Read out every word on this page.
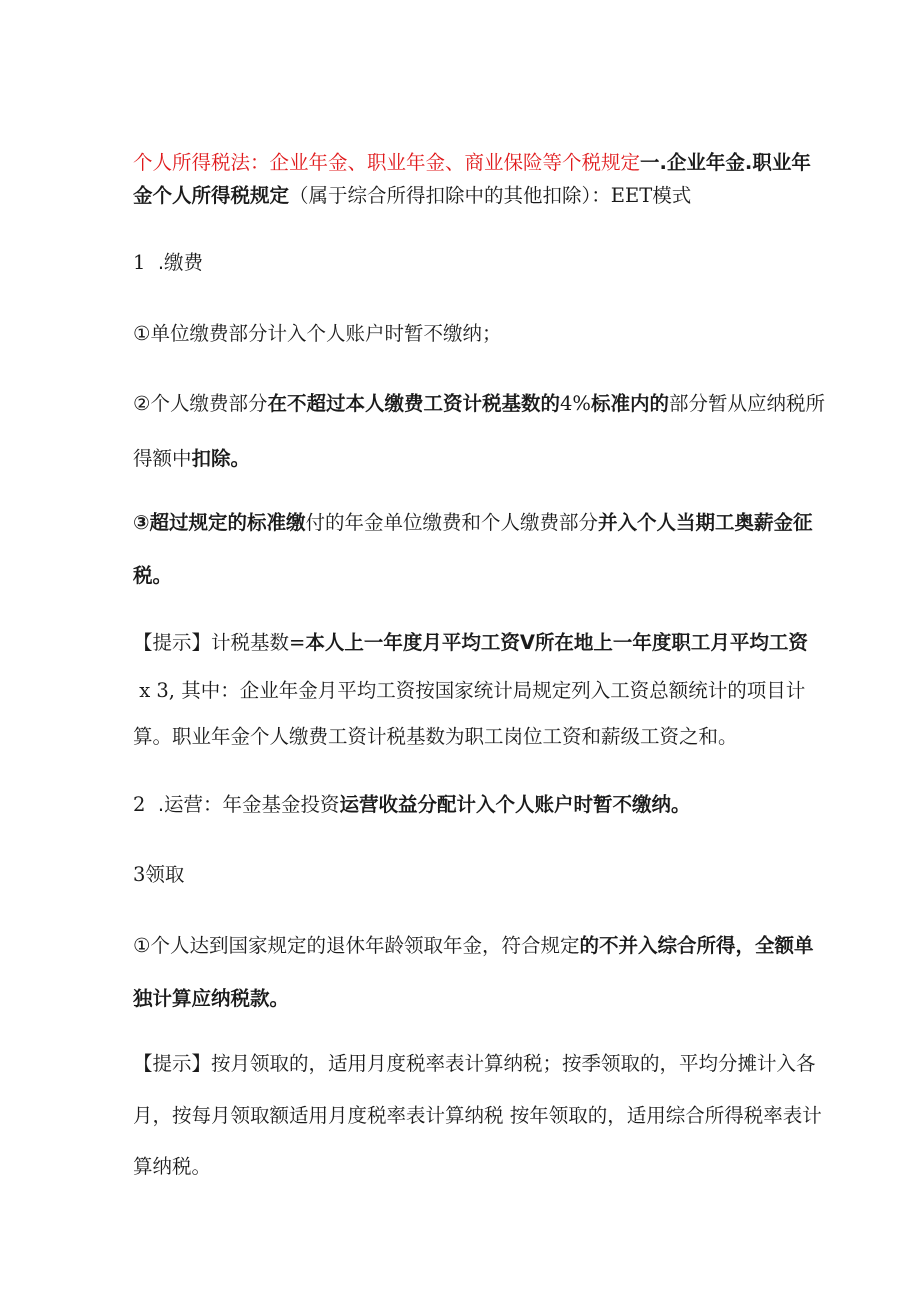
个人所得税法：企业年金、职业年金、商业保险等个税规定一.企业年金.职业年
金个人所得税规定（属于综合所得扣除中的其他扣除）：EET模式
1 .缴费
①单位缴费部分计入个人账户时暂不缴纳；
②个人缴费部分在不超过本人缴费工资计税基数的4%标准内的部分暂从应纳税所
得额中扣除。
③超过规定的标准缴付的年金单位缴费和个人缴费部分并入个人当期工奥薪金征
税。
【提示】计税基数=本人上一年度月平均工资V所在地上一年度职工月平均工资
x 3, 其中：企业年金月平均工资按国家统计局规定列入工资总额统计的项目计
算。职业年金个人缴费工资计税基数为职工岗位工资和薪级工资之和。
2 .运营：年金基金投资运营收益分配计入个人账户时暂不缴纳。
3领取
①个人达到国家规定的退休年龄领取年金，符合规定的不并入综合所得，全额单
独计算应纳税款。
【提示】按月领取的，适用月度税率表计算纳税；按季领取的，平均分摊计入各
月，按每月领取额适用月度税率表计算纳税 按年领取的，适用综合所得税率表计
算纳税。
